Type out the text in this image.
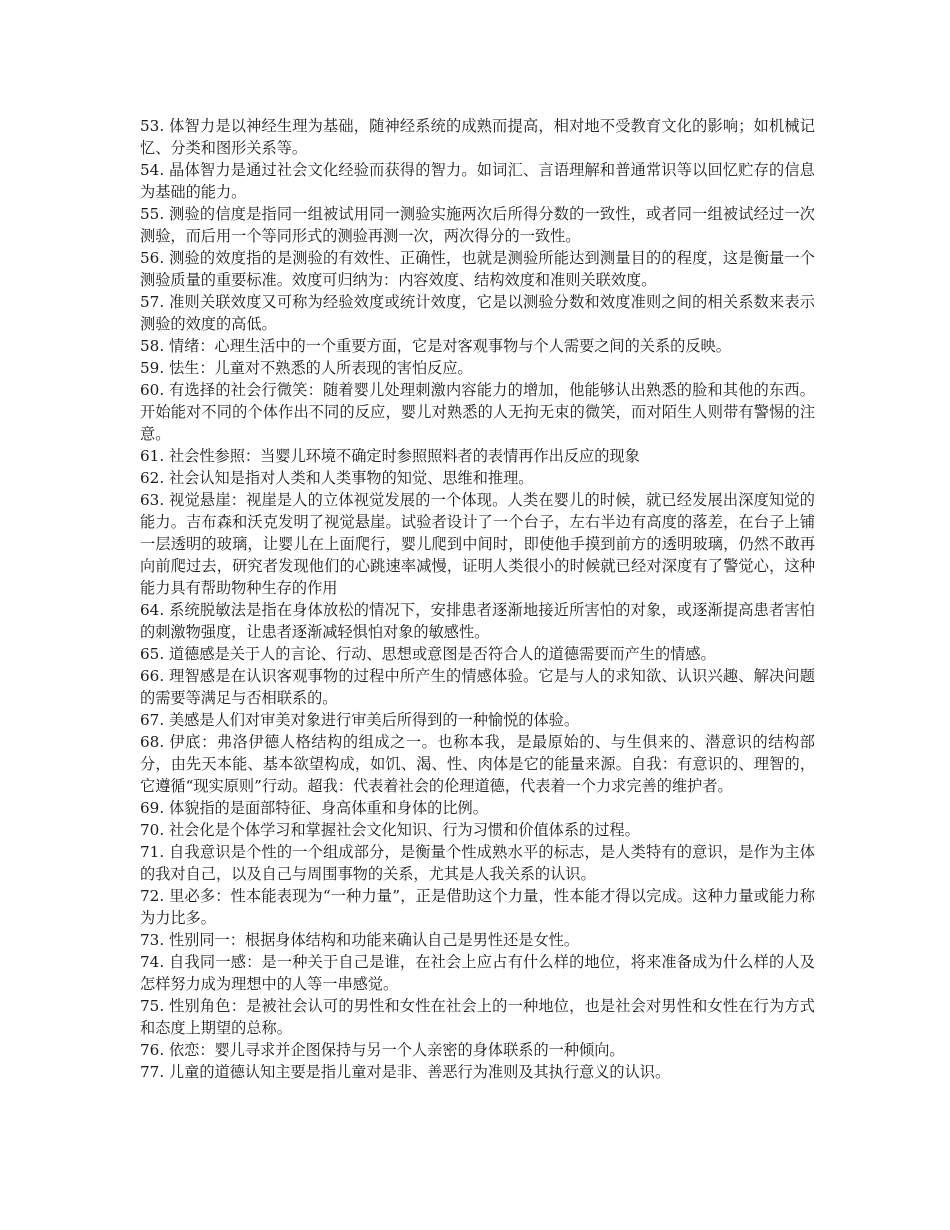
53. 体智力是以神经生理为基础，随神经系统的成熟而提高，相对地不受教育文化的影响；如机械记忆、分类和图形关系等。

54. 晶体智力是通过社会文化经验而获得的智力。如词汇、言语理解和普通常识等以回忆贮存的信息为基础的能力。

55. 测验的信度是指同一组被试用同一测验实施两次后所得分数的一致性，或者同一组被试经过一次测验，而后用一个等同形式的测验再测一次，两次得分的一致性。

56. 测验的效度指的是测验的有效性、正确性，也就是测验所能达到测量目的的程度，这是衡量一个测验质量的重要标准。效度可归纳为：内容效度、结构效度和准则关联效度。

57. 准则关联效度又可称为经验效度或统计效度，它是以测验分数和效度准则之间的相关系数来表示测验的效度的高低。

58. 情绪：心理生活中的一个重要方面，它是对客观事物与个人需要之间的关系的反映。

59. 怯生：儿童对不熟悉的人所表现的害怕反应。

60. 有选择的社会行微笑：随着婴儿处理刺激内容能力的增加，他能够认出熟悉的脸和其他的东西。开始能对不同的个体作出不同的反应，婴儿对熟悉的人无拘无束的微笑，而对陌生人则带有警惕的注意。

61. 社会性参照：当婴儿环境不确定时参照照料者的表情再作出反应的现象

62. 社会认知是指对人类和人类事物的知觉、思维和推理。

63. 视觉悬崖：视崖是人的立体视觉发展的一个体现。人类在婴儿的时候，就已经发展出深度知觉的能力。吉布森和沃克发明了视觉悬崖。试验者设计了一个台子，左右半边有高度的落差，在台子上铺一层透明的玻璃，让婴儿在上面爬行，婴儿爬到中间时，即使他手摸到前方的透明玻璃，仍然不敢再向前爬过去，研究者发现他们的心跳速率减慢，证明人类很小的时候就已经对深度有了警觉心，这种能力具有帮助物种生存的作用

64. 系统脱敏法是指在身体放松的情况下，安排患者逐渐地接近所害怕的对象，或逐渐提高患者害怕的刺激物强度，让患者逐渐减轻惧怕对象的敏感性。

65. 道德感是关于人的言论、行动、思想或意图是否符合人的道德需要而产生的情感。

66. 理智感是在认识客观事物的过程中所产生的情感体验。它是与人的求知欲、认识兴趣、解决问题的需要等满足与否相联系的。

67. 美感是人们对审美对象进行审美后所得到的一种愉悦的体验。

68. 伊底：弗洛伊德人格结构的组成之一。也称本我，是最原始的、与生俱来的、潜意识的结构部分，由先天本能、基本欲望构成，如饥、渴、性、肉体是它的能量来源。自我：有意识的、理智的，它遵循“现实原则”行动。超我：代表着社会的伦理道德，代表着一个力求完善的维护者。

69. 体貌指的是面部特征、身高体重和身体的比例。

70. 社会化是个体学习和掌握社会文化知识、行为习惯和价值体系的过程。

71. 自我意识是个性的一个组成部分，是衡量个性成熟水平的标志，是人类特有的意识，是作为主体的我对自己，以及自己与周围事物的关系，尤其是人我关系的认识。

72. 里必多：性本能表现为“一种力量”，正是借助这个力量，性本能才得以完成。这种力量或能力称为力比多。

73. 性别同一：根据身体结构和功能来确认自己是男性还是女性。

74. 自我同一感：是一种关于自己是谁，在社会上应占有什么样的地位，将来准备成为什么样的人及怎样努力成为理想中的人等一串感觉。

75. 性别角色：是被社会认可的男性和女性在社会上的一种地位，也是社会对男性和女性在行为方式和态度上期望的总称。

76. 依恋：婴儿寻求并企图保持与另一个人亲密的身体联系的一种倾向。

77. 儿童的道德认知主要是指儿童对是非、善恶行为准则及其执行意义的认识。
